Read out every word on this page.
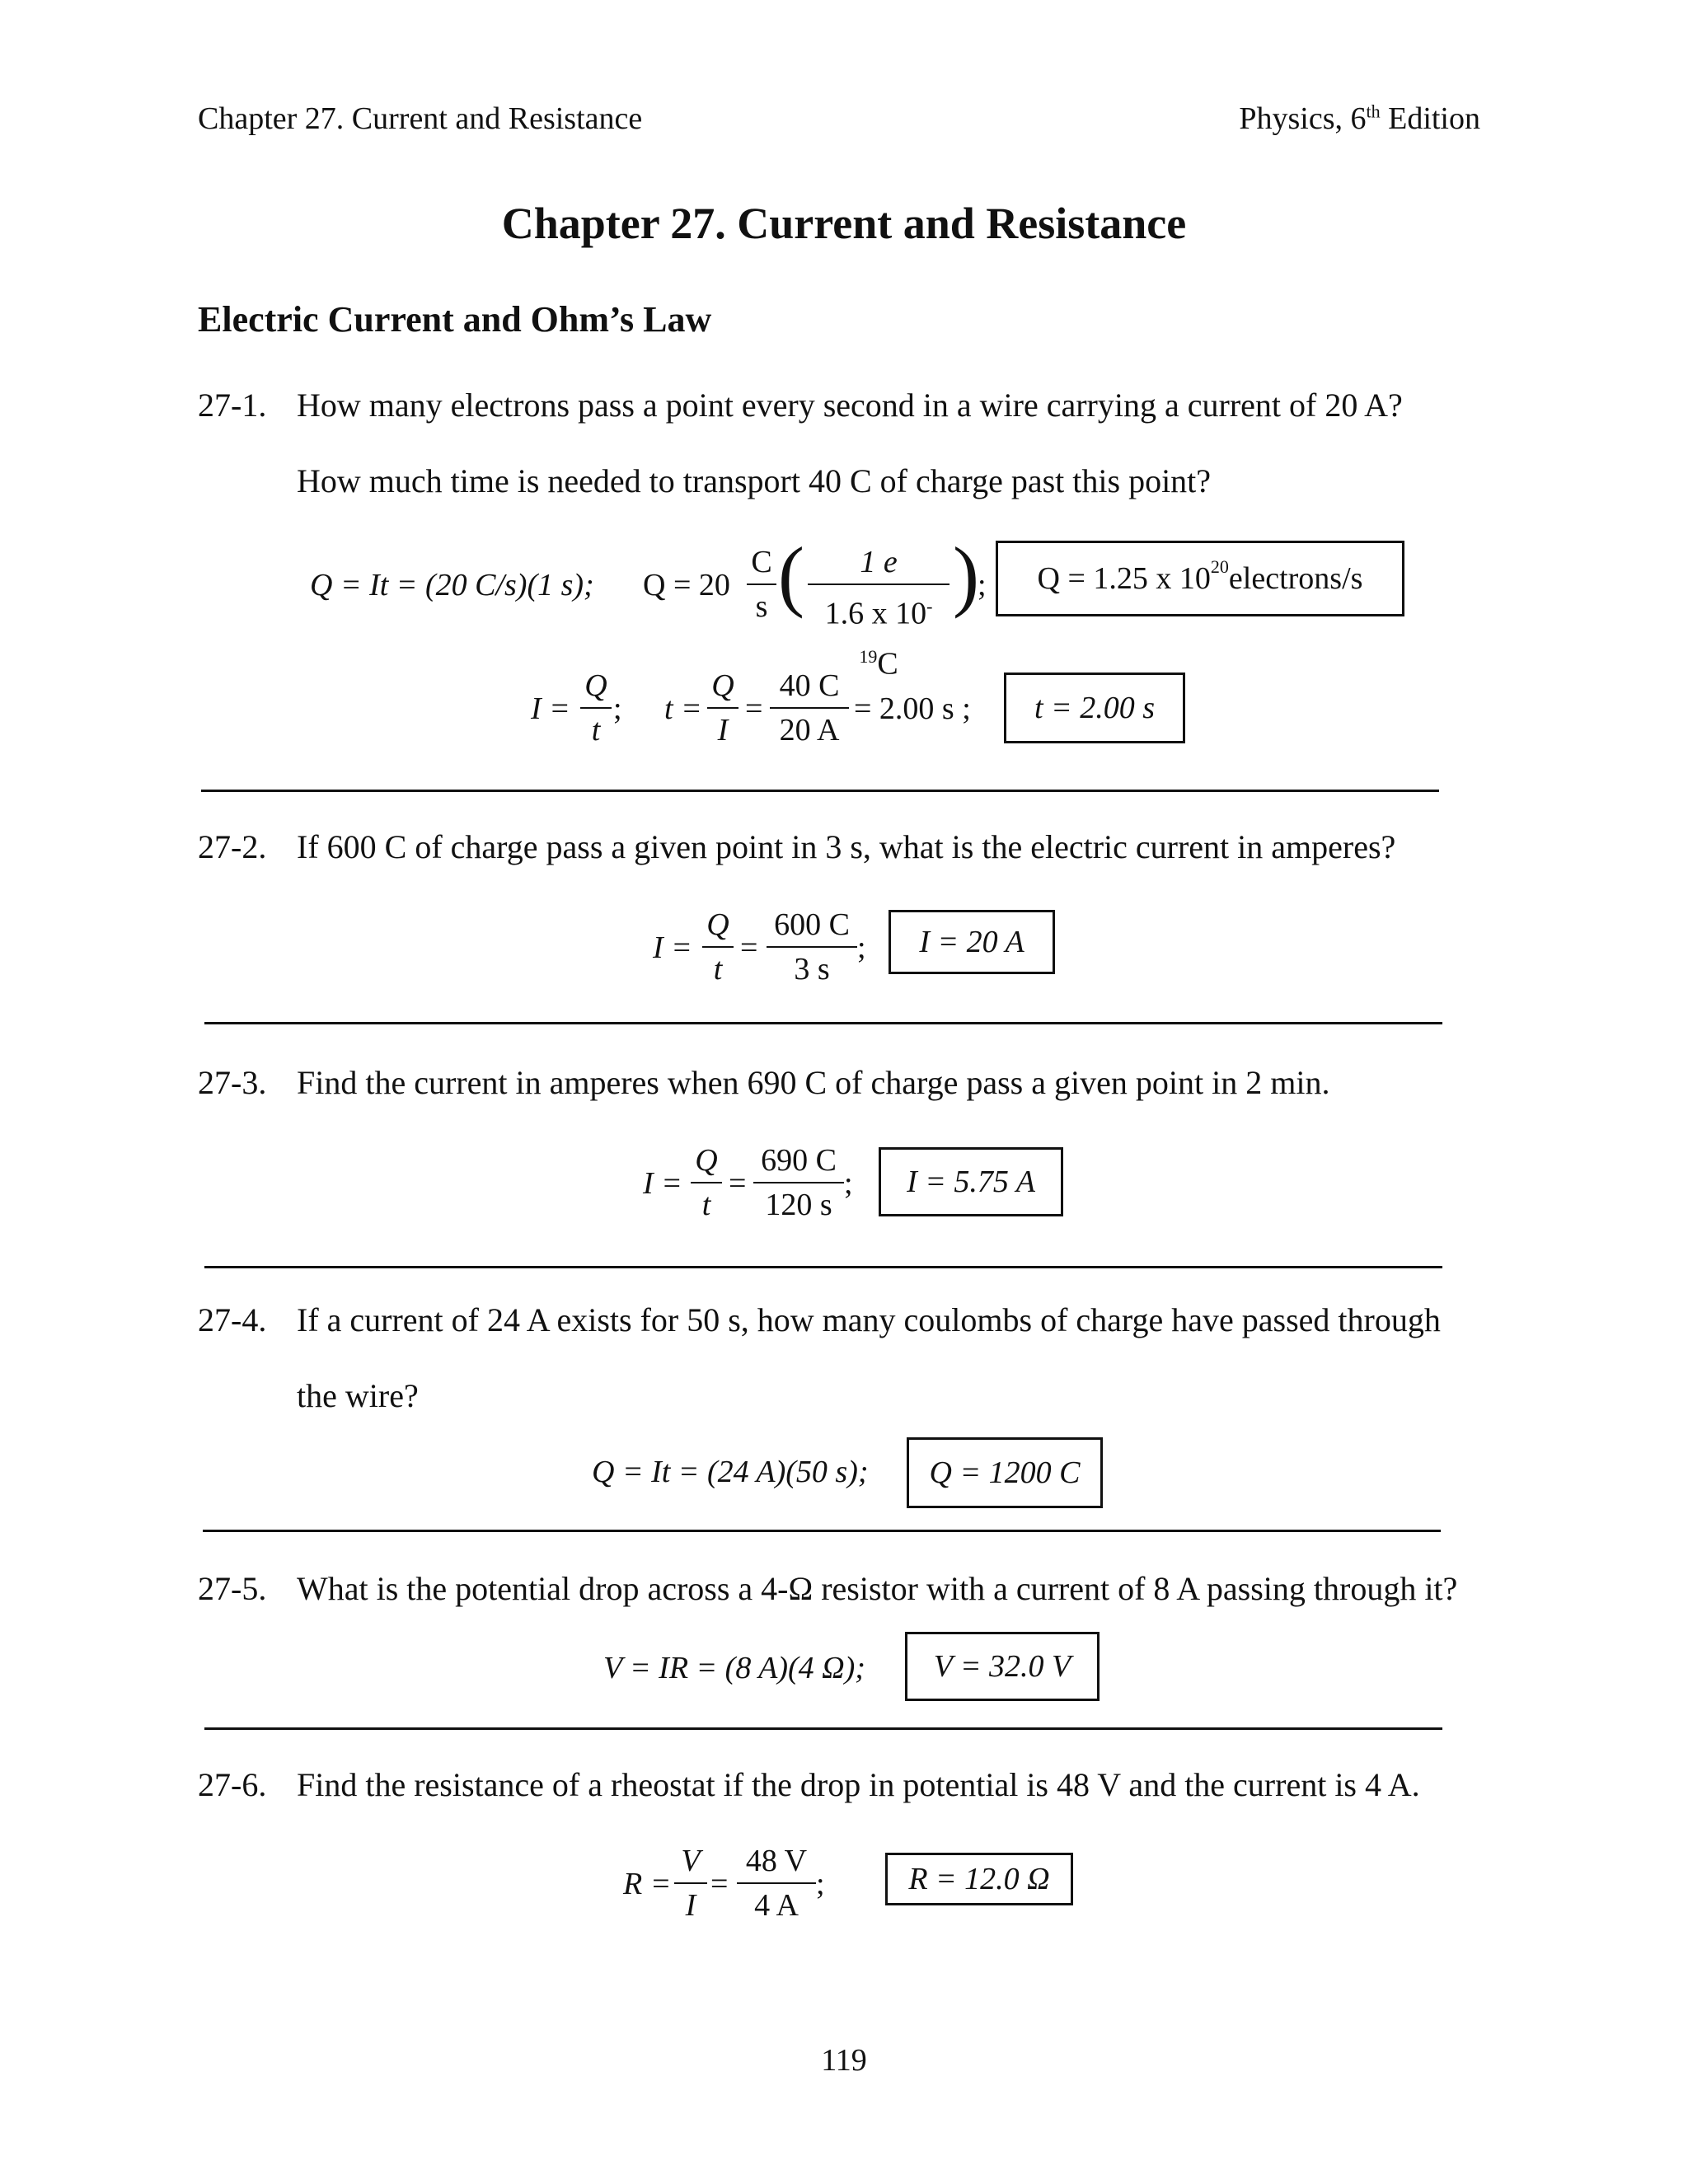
Chapter 27. Current and Resistance	Physics, 6th Edition
Chapter 27. Current and Resistance
Electric Current and Ohm’s Law
27-1. How many electrons pass a point every second in a wire carrying a current of 20 A?
How much time is needed to transport 40 C of charge past this point?
Q = It = (20 C/s)(1 s); Q = 20
C
s (	1 e
1.6 x $10^{-19}C$
)
; Q = 1.25 x $10^{20}$ electrons/s
I =
Q
t
; t =
Q
I
=
40 C
20 A
= 2.00 s ; t = 2.00 s
27-2. If 600 C of charge pass a given point in 3 s, what is the electric current in amperes?
I =
Q
t
=
600 C
3 s
; I = 20 A
27-3. Find the current in amperes when 690 C of charge pass a given point in 2 min.
I =
Q
t
=
690 C
120 s
; I = 5.75 A
27-4. If a current of 24 A exists for 50 s, how many coulombs of charge have passed through
the wire?
Q = It = (24 A)(50 s); Q = 1200 C
27-5. What is the potential drop across a 4-Ω resistor with a current of 8 A passing through it?
V = IR = (8 A)(4 Ω); V = 32.0 V
27-6. Find the resistance of a rheostat if the drop in potential is 48 V and the current is 4 A.
R =
V
I
=
48 V
4 A
;	R = 12.0 Ω
119
